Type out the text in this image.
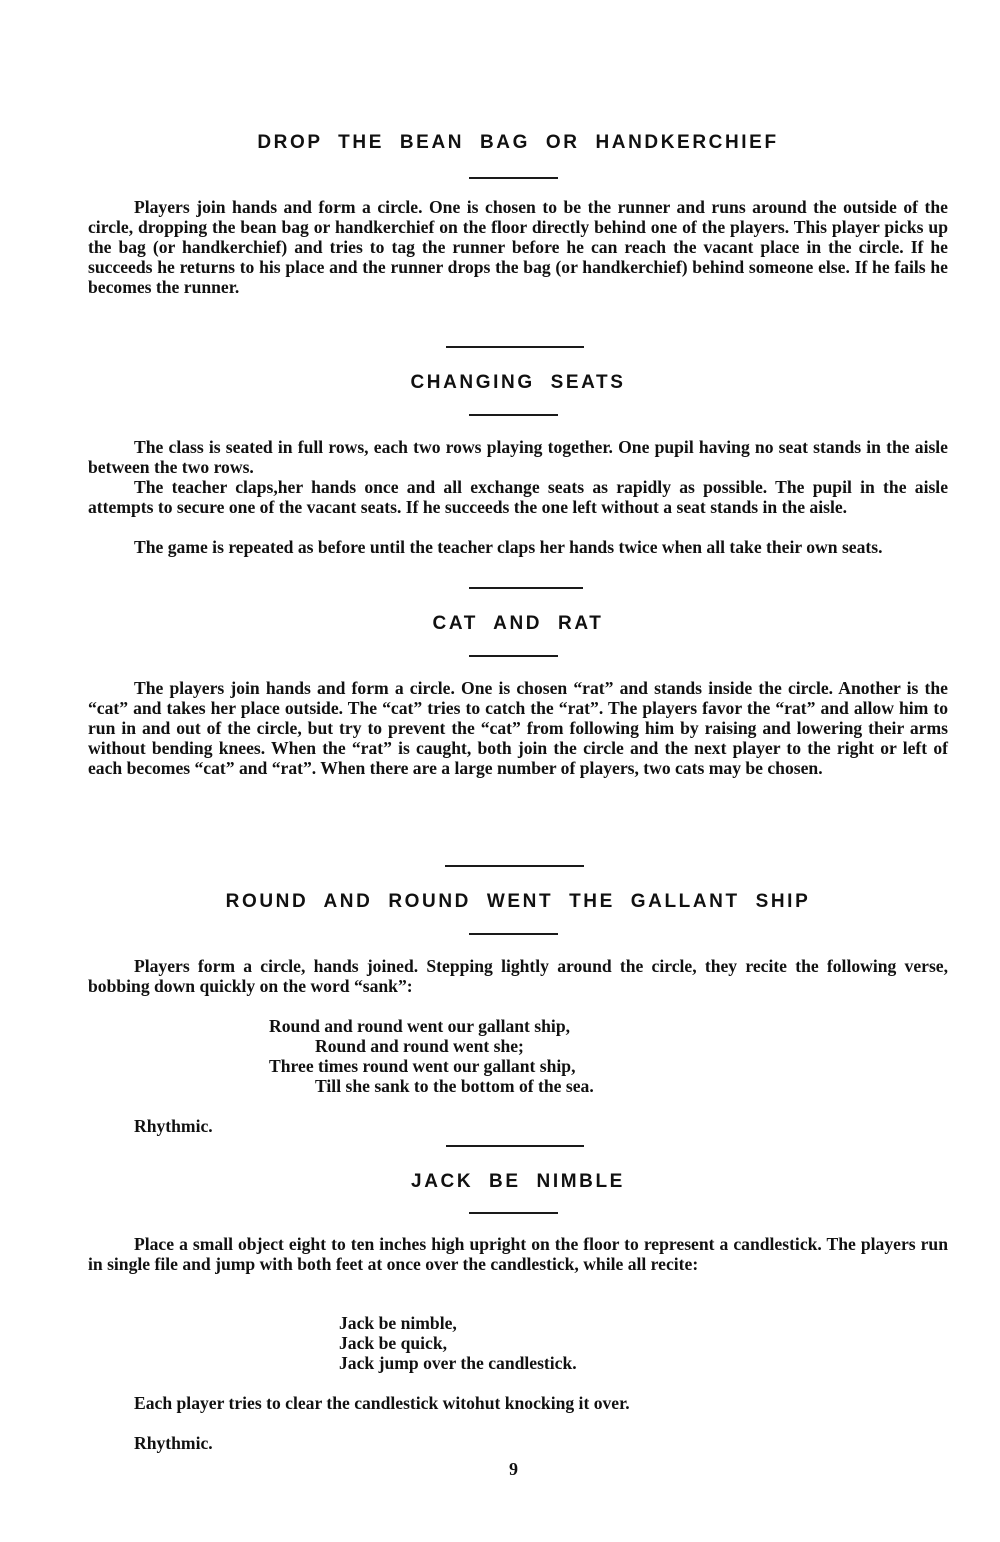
DROP THE BEAN BAG OR HANDKERCHIEF

Players join hands and form a circle. One is chosen to be the runner and runs around the outside of the circle, dropping the bean bag or handkerchief on the floor directly behind one of the players. This player picks up the bag (or handkerchief) and tries to tag the runner before he can reach the vacant place in the circle. If he succeeds he returns to his place and the runner drops the bag (or handkerchief) behind someone else. If he fails he becomes the runner.

CHANGING SEATS

The class is seated in full rows, each two rows playing together. One pupil having no seat stands in the aisle between the two rows.

The teacher claps,her hands once and all exchange seats as rapidly as possible. The pupil in the aisle attempts to secure one of the vacant seats. If he succeeds the one left without a seat stands in the aisle.

The game is repeated as before until the teacher claps her hands twice when all take their own seats.

CAT AND RAT

The players join hands and form a circle. One is chosen “rat” and stands inside the circle. Another is the “cat” and takes her place outside. The “cat” tries to catch the “rat”. The players favor the “rat” and allow him to run in and out of the circle, but try to prevent the “cat” from following him by raising and lowering their arms without bending knees. When the “rat” is caught, both join the circle and the next player to the right or left of each becomes “cat” and “rat”. When there are a large number of players, two cats may be chosen.

ROUND AND ROUND WENT THE GALLANT SHIP

Players form a circle, hands joined. Stepping lightly around the circle, they recite the following verse, bobbing down quickly on the word “sank”:

Round and round went our gallant ship,
Round and round went she;
Three times round went our gallant ship,
Till she sank to the bottom of the sea.
Rhythmic.
JACK BE NIMBLE

Place a small object eight to ten inches high upright on the floor to represent a candlestick. The players run in single file and jump with both feet at once over the candlestick, while all recite:

Jack be nimble,
Jack be quick,
Jack jump over the candlestick.
Each player tries to clear the candlestick witohut knocking it over.
Rhythmic.
9
